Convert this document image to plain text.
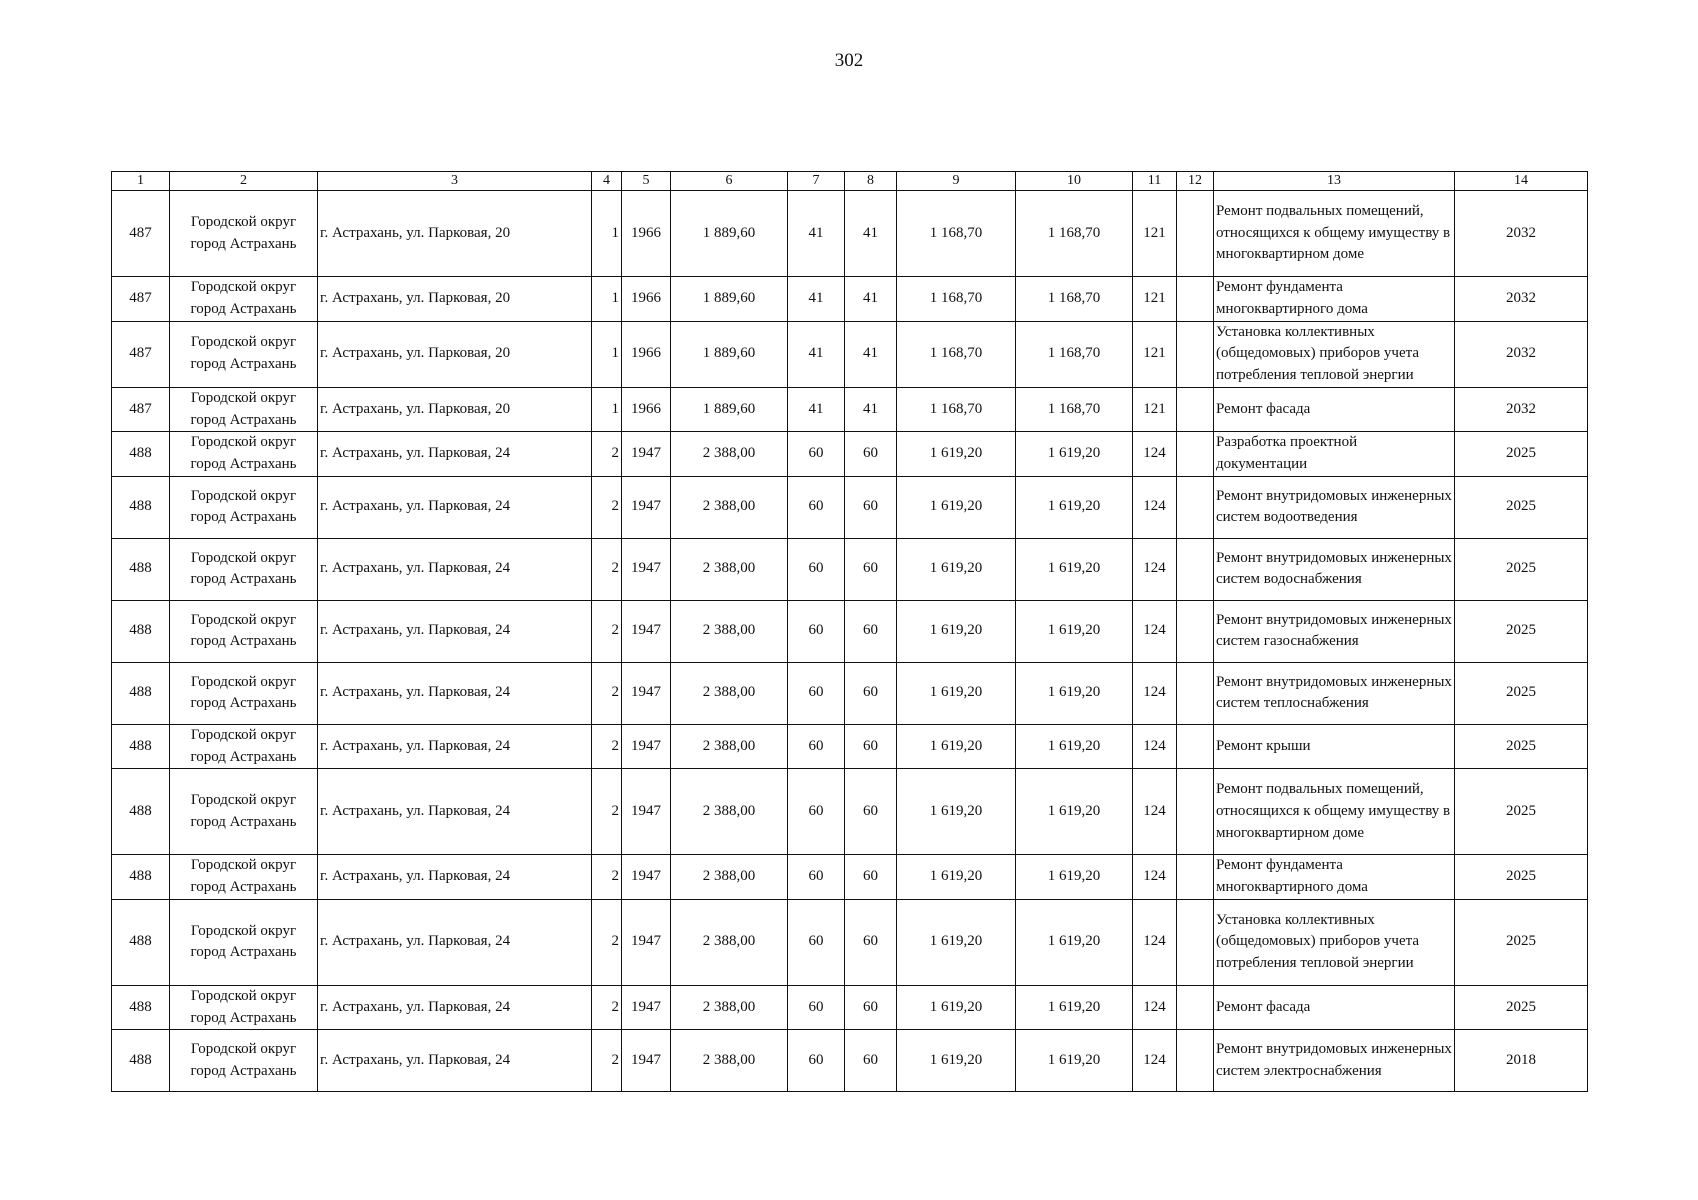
302
1	2	3	4	5	6	7	8	9	10	11	12	13	14
487	Городской округ город Астрахань	г. Астрахань, ул. Парковая, 20	1	1966	1 889,60	41	41	1 168,70	1 168,70	121		Ремонт подвальных помещений, относящихся к общему имуществу в многоквартирном доме	2032
487	Городской округ город Астрахань	г. Астрахань, ул. Парковая, 20	1	1966	1 889,60	41	41	1 168,70	1 168,70	121		Ремонт фундамента многоквартирного дома	2032
487	Городской округ город Астрахань	г. Астрахань, ул. Парковая, 20	1	1966	1 889,60	41	41	1 168,70	1 168,70	121		Установка коллективных (общедомовых) приборов учета потребления тепловой энергии	2032
487	Городской округ город Астрахань	г. Астрахань, ул. Парковая, 20	1	1966	1 889,60	41	41	1 168,70	1 168,70	121		Ремонт фасада	2032
488	Городской округ город Астрахань	г. Астрахань, ул. Парковая, 24	2	1947	2 388,00	60	60	1 619,20	1 619,20	124		Разработка проектной документации	2025
488	Городской округ город Астрахань	г. Астрахань, ул. Парковая, 24	2	1947	2 388,00	60	60	1 619,20	1 619,20	124		Ремонт внутридомовых инженерных систем водоотведения	2025
488	Городской округ город Астрахань	г. Астрахань, ул. Парковая, 24	2	1947	2 388,00	60	60	1 619,20	1 619,20	124		Ремонт внутридомовых инженерных систем водоснабжения	2025
488	Городской округ город Астрахань	г. Астрахань, ул. Парковая, 24	2	1947	2 388,00	60	60	1 619,20	1 619,20	124		Ремонт внутридомовых инженерных систем газоснабжения	2025
488	Городской округ город Астрахань	г. Астрахань, ул. Парковая, 24	2	1947	2 388,00	60	60	1 619,20	1 619,20	124		Ремонт внутридомовых инженерных систем теплоснабжения	2025
488	Городской округ город Астрахань	г. Астрахань, ул. Парковая, 24	2	1947	2 388,00	60	60	1 619,20	1 619,20	124		Ремонт крыши	2025
488	Городской округ город Астрахань	г. Астрахань, ул. Парковая, 24	2	1947	2 388,00	60	60	1 619,20	1 619,20	124		Ремонт подвальных помещений, относящихся к общему имуществу в многоквартирном доме	2025
488	Городской округ город Астрахань	г. Астрахань, ул. Парковая, 24	2	1947	2 388,00	60	60	1 619,20	1 619,20	124		Ремонт фундамента многоквартирного дома	2025
488	Городской округ город Астрахань	г. Астрахань, ул. Парковая, 24	2	1947	2 388,00	60	60	1 619,20	1 619,20	124		Установка коллективных (общедомовых) приборов учета потребления тепловой энергии	2025
488	Городской округ город Астрахань	г. Астрахань, ул. Парковая, 24	2	1947	2 388,00	60	60	1 619,20	1 619,20	124		Ремонт фасада	2025
488	Городской округ город Астрахань	г. Астрахань, ул. Парковая, 24	2	1947	2 388,00	60	60	1 619,20	1 619,20	124		Ремонт внутридомовых инженерных систем электроснабжения	2018
